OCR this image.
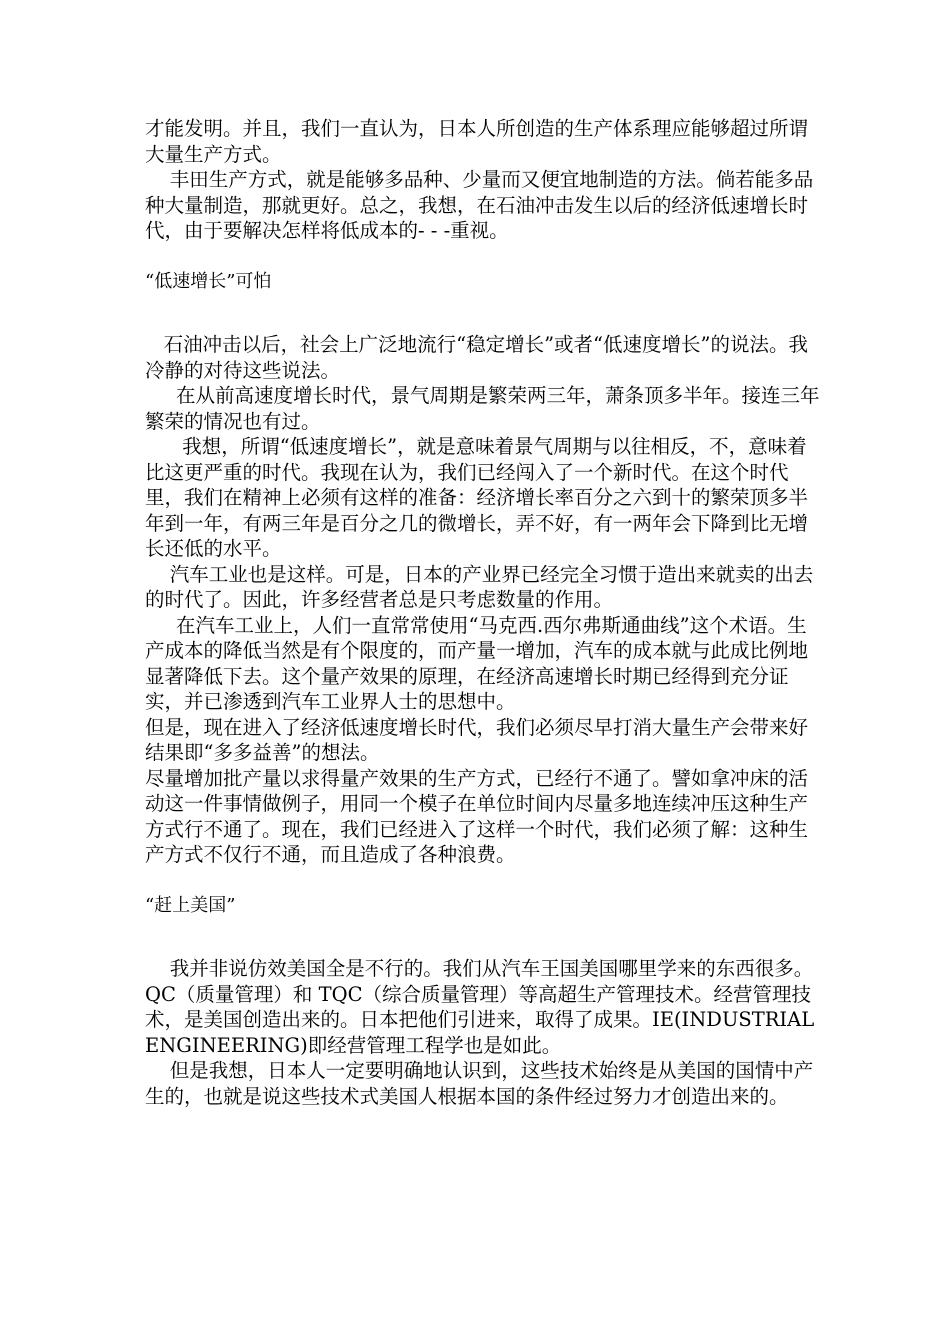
才能发明。并且，我们一直认为，日本人所创造的生产体系理应能够超过所谓大量生产方式。

丰田生产方式，就是能够多品种、少量而又便宜地制造的方法。倘若能多品种大量制造，那就更好。总之，我想，在石油冲击发生以后的经济低速增长时代，由于要解决怎样将低成本的- - -重视。

“低速增长”可怕

石油冲击以后，社会上广泛地流行“稳定增长”或者“低速度增长”的说法。我冷静的对待这些说法。

在从前高速度增长时代，景气周期是繁荣两三年，萧条顶多半年。接连三年繁荣的情况也有过。

我想，所谓“低速度增长”，就是意味着景气周期与以往相反，不，意味着比这更严重的时代。我现在认为，我们已经闯入了一个新时代。在这个时代里，我们在精神上必须有这样的准备：经济增长率百分之六到十的繁荣顶多半年到一年，有两三年是百分之几的微增长，弄不好，有一两年会下降到比无增长还低的水平。

汽车工业也是这样。可是，日本的产业界已经完全习惯于造出来就卖的出去的时代了。因此，许多经营者总是只考虑数量的作用。

在汽车工业上，人们一直常常使用“马克西.西尔弗斯通曲线”这个术语。生产成本的降低当然是有个限度的，而产量一增加，汽车的成本就与此成比例地显著降低下去。这个量产效果的原理，在经济高速增长时期已经得到充分证实，并已渗透到汽车工业界人士的思想中。

但是，现在进入了经济低速度增长时代，我们必须尽早打消大量生产会带来好结果即“多多益善”的想法。

尽量增加批产量以求得量产效果的生产方式，已经行不通了。譬如拿冲床的活动这一件事情做例子，用同一个模子在单位时间内尽量多地连续冲压这种生产方式行不通了。现在，我们已经进入了这样一个时代，我们必须了解：这种生产方式不仅行不通，而且造成了各种浪费。

“赶上美国”

我并非说仿效美国全是不行的。我们从汽车王国美国哪里学来的东西很多。QC（质量管理）和 TQC（综合质量管理）等高超生产管理技术。经营管理技术，是美国创造出来的。日本把他们引进来，取得了成果。IE(INDUSTRIAL  ENGINEERING)即经营管理工程学也是如此。

但是我想，日本人一定要明确地认识到，这些技术始终是从美国的国情中产生的，也就是说这些技术式美国人根据本国的条件经过努力才创造出来的。
